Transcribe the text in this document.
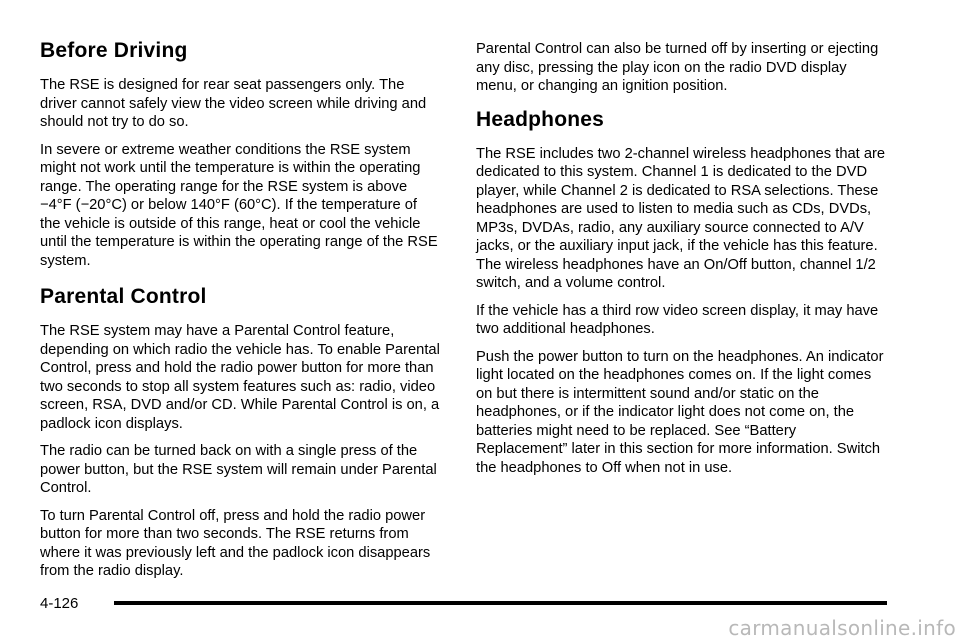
Before Driving

The RSE is designed for rear seat passengers only. The driver cannot safely view the video screen while driving and should not try to do so.

In severe or extreme weather conditions the RSE system might not work until the temperature is within the operating range. The operating range for the RSE system is above −4°F (−20°C) or below 140°F (60°C). If the temperature of the vehicle is outside of this range, heat or cool the vehicle until the temperature is within the operating range of the RSE system.

Parental Control

The RSE system may have a Parental Control feature, depending on which radio the vehicle has. To enable Parental Control, press and hold the radio power button for more than two seconds to stop all system features such as: radio, video screen, RSA, DVD and/or CD. While Parental Control is on, a padlock icon displays.

The radio can be turned back on with a single press of the power button, but the RSE system will remain under Parental Control.

To turn Parental Control off, press and hold the radio power button for more than two seconds. The RSE returns from where it was previously left and the padlock icon disappears from the radio display.

Parental Control can also be turned off by inserting or ejecting any disc, pressing the play icon on the radio DVD display menu, or changing an ignition position.

Headphones

The RSE includes two 2-channel wireless headphones that are dedicated to this system. Channel 1 is dedicated to the DVD player, while Channel 2 is dedicated to RSA selections. These headphones are used to listen to media such as CDs, DVDs, MP3s, DVDAs, radio, any auxiliary source connected to A/V jacks, or the auxiliary input jack, if the vehicle has this feature. The wireless headphones have an On/Off button, channel 1/2 switch, and a volume control.

If the vehicle has a third row video screen display, it may have two additional headphones.

Push the power button to turn on the headphones. An indicator light located on the headphones comes on. If the light comes on but there is intermittent sound and/or static on the headphones, or if the indicator light does not come on, the batteries might need to be replaced. See “Battery Replacement” later in this section for more information. Switch the headphones to Off when not in use.

4-126
carmanualsonline.info
